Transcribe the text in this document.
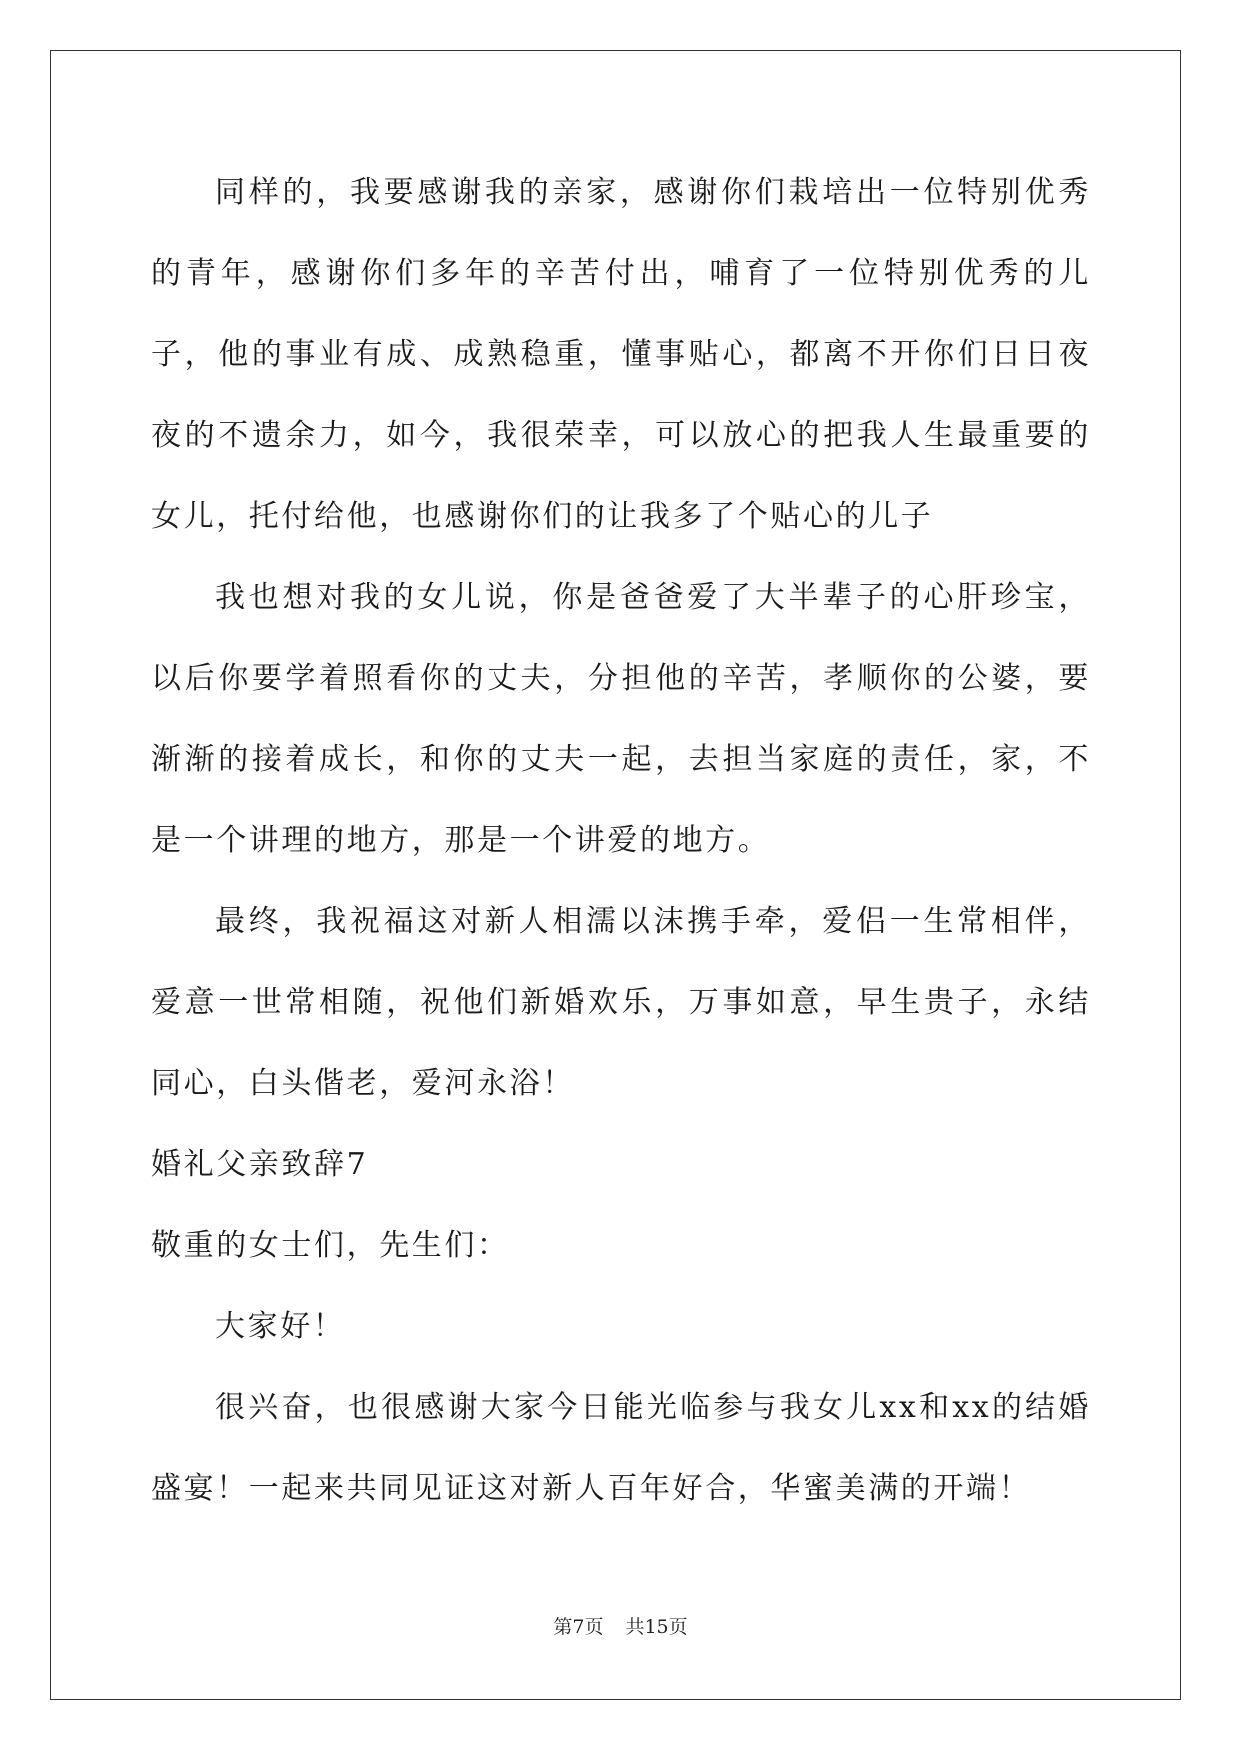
同样的，我要感谢我的亲家，感谢你们栽培出一位特别优秀的青年，感谢你们多年的辛苦付出，哺育了一位特别优秀的儿子，他的事业有成、成熟稳重，懂事贴心，都离不开你们日日夜夜的不遗余力，如今，我很荣幸，可以放心的把我人生最重要的女儿，托付给他，也感谢你们的让我多了个贴心的儿子

我也想对我的女儿说，你是爸爸爱了大半辈子的心肝珍宝，以后你要学着照看你的丈夫，分担他的辛苦，孝顺你的公婆，要渐渐的接着成长，和你的丈夫一起，去担当家庭的责任，家，不是一个讲理的地方，那是一个讲爱的地方。

最终，我祝福这对新人相濡以沫携手牵，爱侣一生常相伴，爱意一世常相随，祝他们新婚欢乐，万事如意，早生贵子，永结同心，白头偕老，爱河永浴！

婚礼父亲致辞7

敬重的女士们，先生们：

大家好！

很兴奋，也很感谢大家今日能光临参与我女儿xx和xx的结婚盛宴！一起来共同见证这对新人百年好合，华蜜美满的开端！

第7页 共15页
